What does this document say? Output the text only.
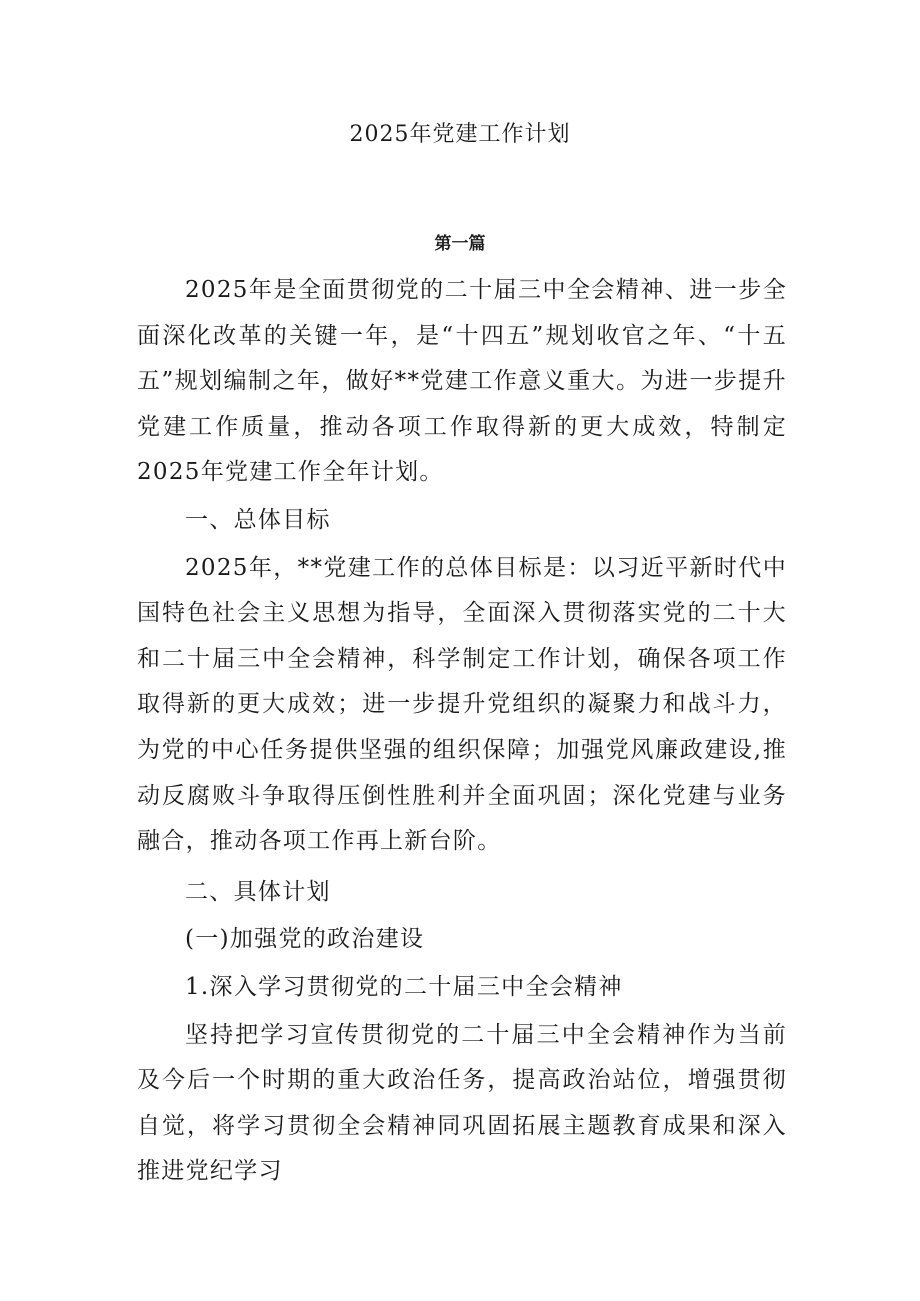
2025年党建工作计划
第一篇

2025年是全面贯彻党的二十届三中全会精神、进一步全面深化改革的关键一年，是“十四五”规划收官之年、“十五五”规划编制之年，做好**党建工作意义重大。为进一步提升党建工作质量，推动各项工作取得新的更大成效，特制定2025年党建工作全年计划。

一、总体目标

2025年，**党建工作的总体目标是：以习近平新时代中国特色社会主义思想为指导，全面深入贯彻落实党的二十大和二十届三中全会精神，科学制定工作计划，确保各项工作取得新的更大成效；进一步提升党组织的凝聚力和战斗力，为党的中心任务提供坚强的组织保障；加强党风廉政建设,推动反腐败斗争取得压倒性胜利并全面巩固；深化党建与业务融合，推动各项工作再上新台阶。

二、具体计划

(一)加强党的政治建设

1.深入学习贯彻党的二十届三中全会精神

坚持把学习宣传贯彻党的二十届三中全会精神作为当前及今后一个时期的重大政治任务，提高政治站位，增强贯彻自觉，将学习贯彻全会精神同巩固拓展主题教育成果和深入推进党纪学习
